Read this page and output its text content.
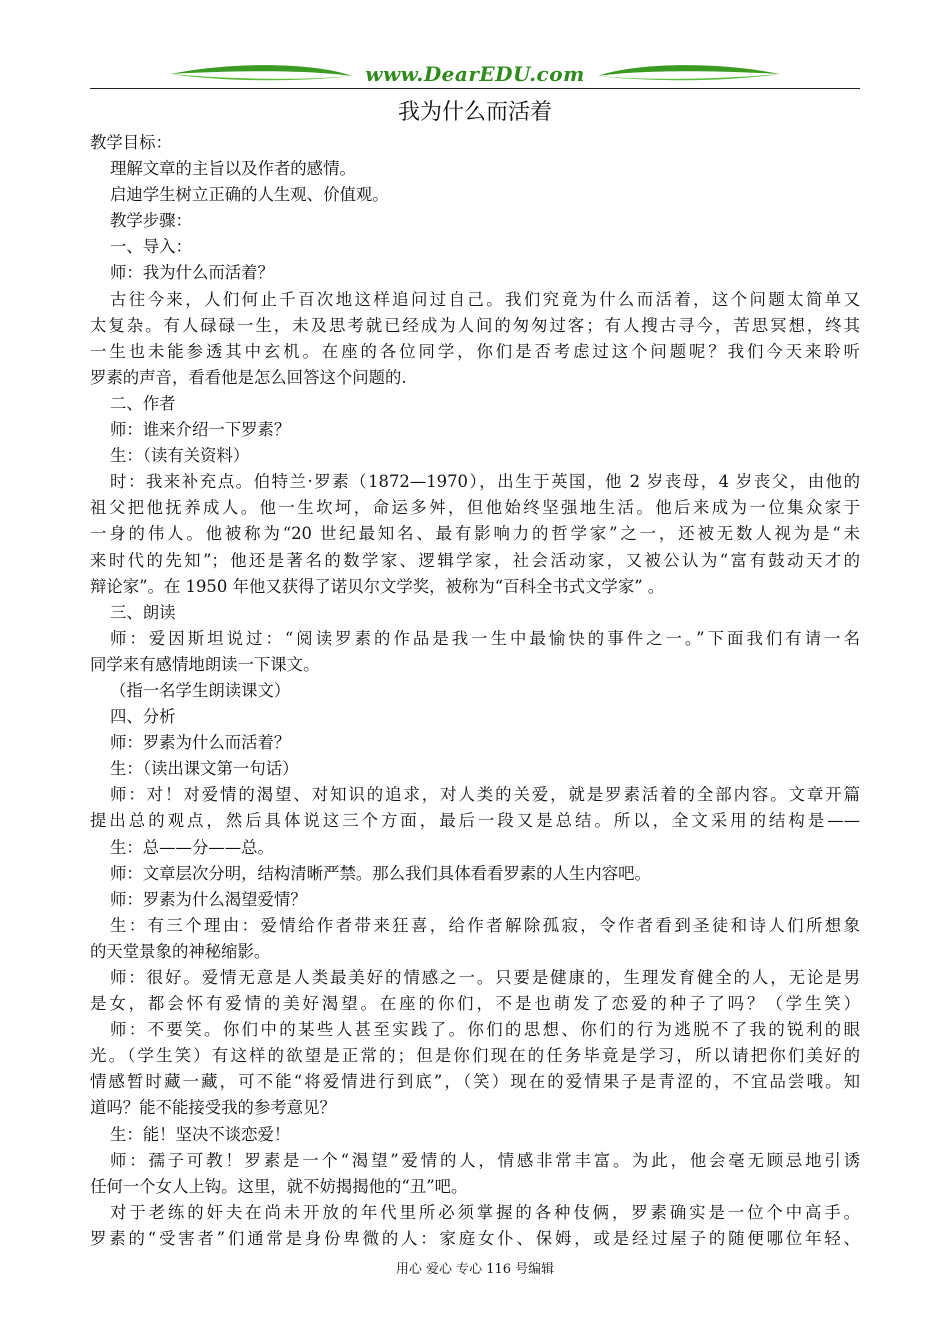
www.DearEDU.com
我为什么而活着
教学目标：
理解文章的主旨以及作者的感情。
启迪学生树立正确的人生观、价值观。
教学步骤：
一、导入：
师：我为什么而活着？
古往今来，人们何止千百次地这样追问过自己。我们究竟为什么而活着，这个问题太简单又
太复杂。有人碌碌一生，未及思考就已经成为人间的匆匆过客；有人搜古寻今，苦思冥想，终其
一生也未能参透其中玄机。在座的各位同学，你们是否考虑过这个问题呢？我们今天来聆听
罗素的声音，看看他是怎么回答这个问题的.
二、作者
师：谁来介绍一下罗素？
生：（读有关资料）
时：我来补充点。伯特兰·罗素（1872—1970），出生于英国，他 2 岁丧母，4 岁丧父，由他的
祖父把他抚养成人。他一生坎坷，命运多舛，但他始终坚强地生活。他后来成为一位集众家于
一身的伟人。他被称为“20 世纪最知名、最有影响力的哲学家”之一，还被无数人视为是“未
来时代的先知”；他还是著名的数学家、逻辑学家，社会活动家，又被公认为“富有鼓动天才的
辩论家”。在 1950 年他又获得了诺贝尔文学奖，被称为“百科全书式文学家” 。
三、朗读
师：爱因斯坦说过：“阅读罗素的作品是我一生中最愉快的事件之一。”下面我们有请一名
同学来有感情地朗读一下课文。
（指一名学生朗读课文）
四、分析
师：罗素为什么而活着？
生：（读出课文第一句话）
师：对！对爱情的渴望、对知识的追求，对人类的关爱，就是罗素活着的全部内容。文章开篇
提出总的观点，然后具体说这三个方面，最后一段又是总结。所以，全文采用的结构是——
生：总——分——总。
师：文章层次分明，结构清晰严禁。那么我们具体看看罗素的人生内容吧。
师：罗素为什么渴望爱情？
生：有三个理由：爱情给作者带来狂喜，给作者解除孤寂，令作者看到圣徒和诗人们所想象
的天堂景象的神秘缩影。
师：很好。爱情无意是人类最美好的情感之一。只要是健康的，生理发育健全的人，无论是男
是女，都会怀有爱情的美好渴望。在座的你们，不是也萌发了恋爱的种子了吗？（学生笑）
师：不要笑。你们中的某些人甚至实践了。你们的思想、你们的行为逃脱不了我的锐利的眼
光。（学生笑）有这样的欲望是正常的；但是你们现在的任务毕竟是学习，所以请把你们美好的
情感暂时藏一藏，可不能“将爱情进行到底”，（笑）现在的爱情果子是青涩的，不宜品尝哦。知
道吗？能不能接受我的参考意见？
生：能！坚决不谈恋爱！
师：孺子可教！罗素是一个“渴望”爱情的人，情感非常丰富。为此，他会毫无顾忌地引诱
任何一个女人上钩。这里，就不妨揭揭他的“丑”吧。
对于老练的奸夫在尚未开放的年代里所必须掌握的各种伎俩，罗素确实是一位个中高手。
罗素的“受害者”们通常是身份卑微的人：家庭女仆、保姆，或是经过屋子的随便哪位年轻、
用心 爱心 专心 116 号编辑
